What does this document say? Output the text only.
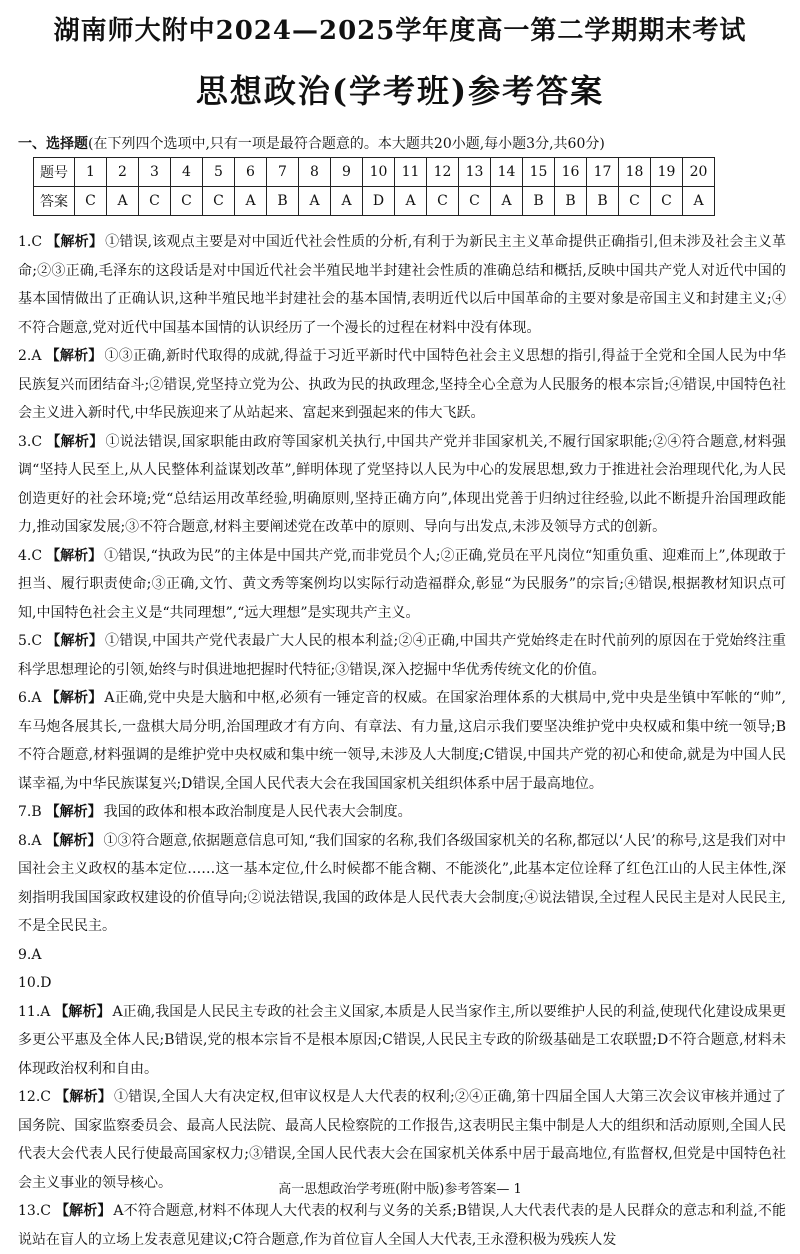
湖南师大附中2024—2025学年度高一第二学期期末考试
思想政治(学考班)参考答案
一、选择题(在下列四个选项中,只有一项是最符合题意的。本大题共20小题,每小题3分,共60分)
题号	1	2	3	4	5	6	7	8	9	10	11	12	13	14	15	16	17	18	19	20
答案	C	A	C	C	C	A	B	A	A	D	A	C	C	A	B	B	B	C	C	A
1.C 【解析】 ①错误,该观点主要是对中国近代社会性质的分析,有利于为新民主主义革命提供正确指引,但未涉及社会主义革命;②③正确,毛泽东的这段话是对中国近代社会半殖民地半封建社会性质的准确总结和概括,反映中国共产党人对近代中国的基本国情做出了正确认识,这种半殖民地半封建社会的基本国情,表明近代以后中国革命的主要对象是帝国主义和封建主义;④不符合题意,党对近代中国基本国情的认识经历了一个漫长的过程在材料中没有体现。
2.A 【解析】 ①③正确,新时代取得的成就,得益于习近平新时代中国特色社会主义思想的指引,得益于全党和全国人民为中华民族复兴而团结奋斗;②错误,党坚持立党为公、执政为民的执政理念,坚持全心全意为人民服务的根本宗旨;④错误,中国特色社会主义进入新时代,中华民族迎来了从站起来、富起来到强起来的伟大飞跃。
3.C 【解析】 ①说法错误,国家职能由政府等国家机关执行,中国共产党并非国家机关,不履行国家职能;②④符合题意,材料强调“坚持人民至上,从人民整体利益谋划改革”,鲜明体现了党坚持以人民为中心的发展思想,致力于推进社会治理现代化,为人民创造更好的社会环境;党“总结运用改革经验,明确原则,坚持正确方向”,体现出党善于归纳过往经验,以此不断提升治国理政能力,推动国家发展;③不符合题意,材料主要阐述党在改革中的原则、导向与出发点,未涉及领导方式的创新。
4.C 【解析】 ①错误,“执政为民”的主体是中国共产党,而非党员个人;②正确,党员在平凡岗位“知重负重、迎难而上”,体现敢于担当、履行职责使命;③正确,文竹、黄文秀等案例均以实际行动造福群众,彰显“为民服务”的宗旨;④错误,根据教材知识点可知,中国特色社会主义是“共同理想”,“远大理想”是实现共产主义。
5.C 【解析】 ①错误,中国共产党代表最广大人民的根本利益;②④正确,中国共产党始终走在时代前列的原因在于党始终注重科学思想理论的引领,始终与时俱进地把握时代特征;③错误,深入挖掘中华优秀传统文化的价值。
6.A 【解析】 A正确,党中央是大脑和中枢,必须有一锤定音的权威。在国家治理体系的大棋局中,党中央是坐镇中军帐的“帅”,车马炮各展其长,一盘棋大局分明,治国理政才有方向、有章法、有力量,这启示我们要坚决维护党中央权威和集中统一领导;B不符合题意,材料强调的是维护党中央权威和集中统一领导,未涉及人大制度;C错误,中国共产党的初心和使命,就是为中国人民谋幸福,为中华民族谋复兴;D错误,全国人民代表大会在我国国家机关组织体系中居于最高地位。
7.B 【解析】 我国的政体和根本政治制度是人民代表大会制度。
8.A 【解析】 ①③符合题意,依据题意信息可知,“我们国家的名称,我们各级国家机关的名称,都冠以‘人民’的称号,这是我们对中国社会主义政权的基本定位……这一基本定位,什么时候都不能含糊、不能淡化”,此基本定位诠释了红色江山的人民主体性,深刻指明我国国家政权建设的价值导向;②说法错误,我国的政体是人民代表大会制度;④说法错误,全过程人民民主是对人民民主,不是全民民主。
9.A
10.D
11.A 【解析】 A正确,我国是人民民主专政的社会主义国家,本质是人民当家作主,所以要维护人民的利益,使现代化建设成果更多更公平惠及全体人民;B错误,党的根本宗旨不是根本原因;C错误,人民民主专政的阶级基础是工农联盟;D不符合题意,材料未体现政治权利和自由。
12.C 【解析】 ①错误,全国人大有决定权,但审议权是人大代表的权利;②④正确,第十四届全国人大第三次会议审核并通过了国务院、国家监察委员会、最高人民法院、最高人民检察院的工作报告,这表明民主集中制是人大的组织和活动原则,全国人民代表大会代表人民行使最高国家权力;③错误,全国人民代表大会在国家机关体系中居于最高地位,有监督权,但党是中国特色社会主义事业的领导核心。
13.C 【解析】 A不符合题意,材料不体现人大代表的权利与义务的关系;B错误,人大代表代表的是人民群众的意志和利益,不能说站在盲人的立场上发表意见建议;C符合题意,作为首位盲人全国人大代表,王永澄积极为残疾人发
高一思想政治学考班(附中版)参考答案— 1
